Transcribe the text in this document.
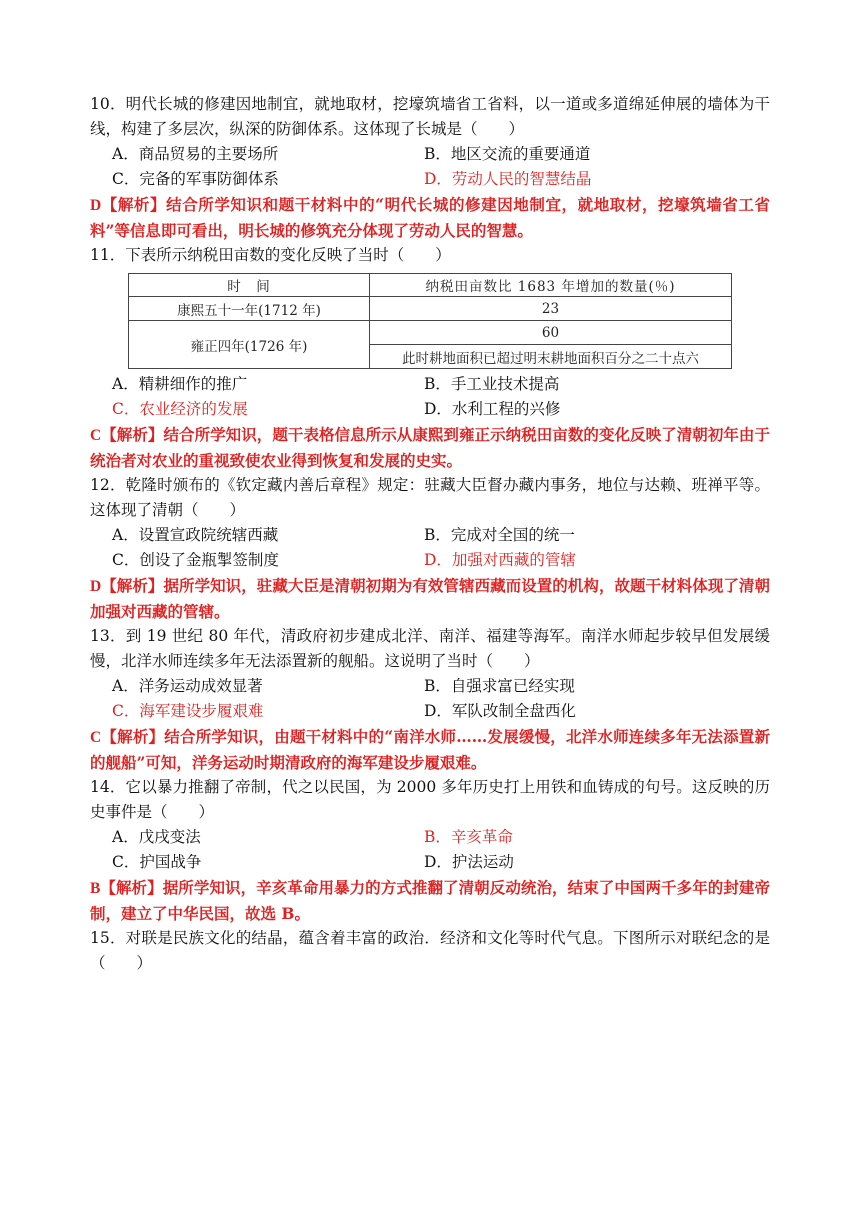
10．明代长城的修建因地制宜，就地取材，挖壕筑墙省工省料，以一道或多道绵延伸展的墙体为干线，构建了多层次，纵深的防御体系。这体现了长城是（　　）

A．商品贸易的主要场所	B．地区交流的重要通道
C．完备的军事防御体系	D．劳动人民的智慧结晶

D【解析】结合所学知识和题干材料中的“明代长城的修建因地制宜，就地取材，挖壕筑墙省工省料”等信息即可看出，明长城的修筑充分体现了劳动人民的智慧。

11．下表所示纳税田亩数的变化反映了当时（　　）

时　间	纳税田亩数比 1683 年增加的数量(％)
康熙五十一年(1712 年)	23
雍正四年(1726 年)	60
	此时耕地面积已超过明末耕地面积百分之二十点六
A．精耕细作的推广	B．手工业技术提高
C．农业经济的发展	D．水利工程的兴修

C【解析】结合所学知识，题干表格信息所示从康熙到雍正示纳税田亩数的变化反映了清朝初年由于统治者对农业的重视致使农业得到恢复和发展的史实。

12．乾隆时颁布的《钦定藏内善后章程》规定：驻藏大臣督办藏内事务，地位与达赖、班禅平等。这体现了清朝（　　）

A．设置宣政院统辖西藏	B．完成对全国的统一
C．创设了金瓶掣签制度	D．加强对西藏的管辖

D【解析】据所学知识，驻藏大臣是清朝初期为有效管辖西藏而设置的机构，故题干材料体现了清朝加强对西藏的管辖。

13．到 19 世纪 80 年代，清政府初步建成北洋、南洋、福建等海军。南洋水师起步较早但发展缓慢，北洋水师连续多年无法添置新的舰船。这说明了当时（　　）

A．洋务运动成效显著	B．自强求富已经实现
C．海军建设步履艰难	D．军队改制全盘西化

C【解析】结合所学知识，由题干材料中的“南洋水师……发展缓慢，北洋水师连续多年无法添置新的舰船”可知，洋务运动时期清政府的海军建设步履艰难。

14．它以暴力推翻了帝制，代之以民国，为 2000 多年历史打上用铁和血铸成的句号。这反映的历史事件是（　　）

A．戊戌变法	B．辛亥革命
C．护国战争	D．护法运动

B【解析】据所学知识，辛亥革命用暴力的方式推翻了清朝反动统治，结束了中国两千多年的封建帝制，建立了中华民国，故选 B。

15．对联是民族文化的结晶，蕴含着丰富的政治．经济和文化等时代气息。下图所示对联纪念的是（　　）
